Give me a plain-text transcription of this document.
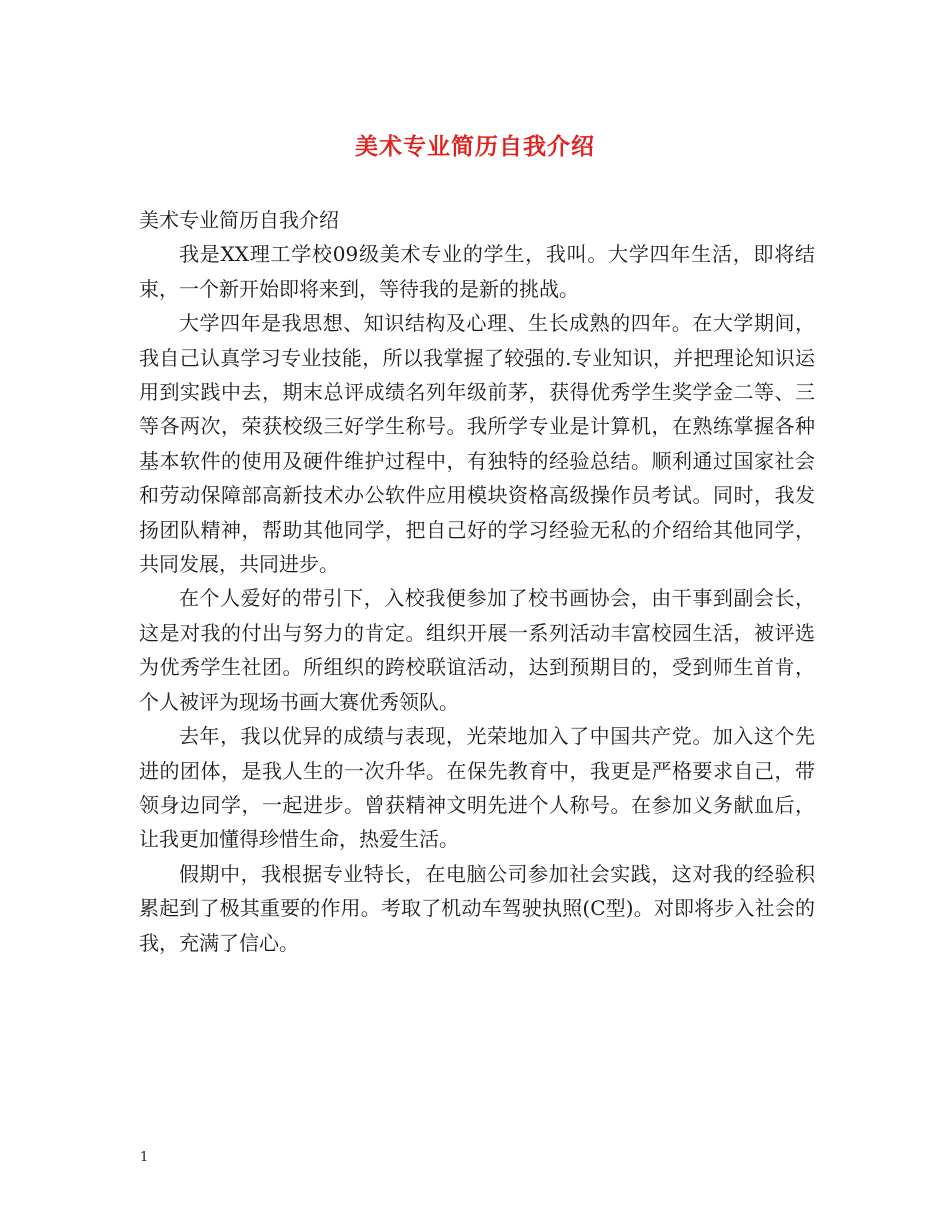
美术专业简历自我介绍

美术专业简历自我介绍

我是XX理工学校09级美术专业的学生，我叫。大学四年生活，即将结束，一个新开始即将来到，等待我的是新的挑战。

大学四年是我思想、知识结构及心理、生长成熟的四年。在大学期间，我自己认真学习专业技能，所以我掌握了较强的.专业知识，并把理论知识运用到实践中去，期末总评成绩名列年级前茅，获得优秀学生奖学金二等、三等各两次，荣获校级三好学生称号。我所学专业是计算机，在熟练掌握各种基本软件的使用及硬件维护过程中，有独特的经验总结。顺利通过国家社会和劳动保障部高新技术办公软件应用模块资格高级操作员考试。同时，我发扬团队精神，帮助其他同学，把自己好的学习经验无私的介绍给其他同学，共同发展，共同进步。

在个人爱好的带引下，入校我便参加了校书画协会，由干事到副会长，这是对我的付出与努力的肯定。组织开展一系列活动丰富校园生活，被评选为优秀学生社团。所组织的跨校联谊活动，达到预期目的，受到师生首肯，个人被评为现场书画大赛优秀领队。

去年，我以优异的成绩与表现，光荣地加入了中国共产党。加入这个先进的团体，是我人生的一次升华。在保先教育中，我更是严格要求自己，带领身边同学，一起进步。曾获精神文明先进个人称号。在参加义务献血后，让我更加懂得珍惜生命，热爱生活。

假期中，我根据专业特长，在电脑公司参加社会实践，这对我的经验积累起到了极其重要的作用。考取了机动车驾驶执照(C型)。对即将步入社会的我，充满了信心。

1
